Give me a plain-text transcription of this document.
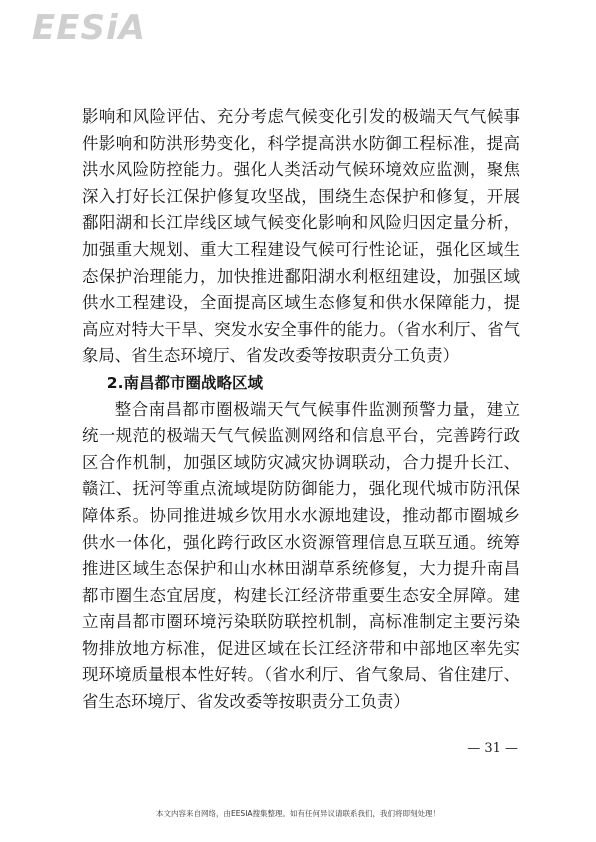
EESiA

影响和风险评估、充分考虑气候变化引发的极端天气气候事件影响和防洪形势变化，科学提高洪水防御工程标准，提高洪水风险防控能力。强化人类活动气候环境效应监测，聚焦深入打好长江保护修复攻坚战，围绕生态保护和修复，开展鄱阳湖和长江岸线区域气候变化影响和风险归因定量分析，加强重大规划、重大工程建设气候可行性论证，强化区域生态保护治理能力，加快推进鄱阳湖水利枢纽建设，加强区域供水工程建设，全面提高区域生态修复和供水保障能力，提高应对特大干旱、突发水安全事件的能力。（省水利厅、省气象局、省生态环境厅、省发改委等按职责分工负责）

2.南昌都市圈战略区域

整合南昌都市圈极端天气气候事件监测预警力量，建立统一规范的极端天气气候监测网络和信息平台，完善跨行政区合作机制，加强区域防灾减灾协调联动，合力提升长江、赣江、抚河等重点流域堤防防御能力，强化现代城市防汛保障体系。协同推进城乡饮用水水源地建设，推动都市圈城乡供水一体化，强化跨行政区水资源管理信息互联互通。统筹推进区域生态保护和山水林田湖草系统修复，大力提升南昌都市圈生态宜居度，构建长江经济带重要生态安全屏障。建立南昌都市圈环境污染联防联控机制，高标准制定主要污染物排放地方标准，促进区域在长江经济带和中部地区率先实现环境质量根本性好转。（省水利厅、省气象局、省住建厅、省生态环境厅、省发改委等按职责分工负责）

— 31 —
本文内容来自网络，由EESIA搜集整理。如有任何异议请联系我们，我们将即刻处理！
